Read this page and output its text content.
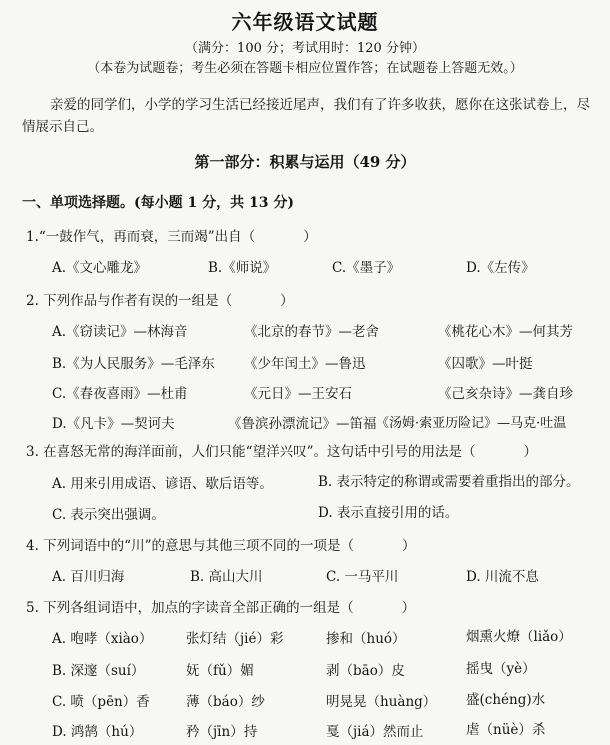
六年级语文试题
（满分：100 分；考试用时：120 分钟）
（本卷为试题卷；考生必须在答题卡相应位置作答；在试题卷上答题无效。）
亲爱的同学们，小学的学习生活已经接近尾声，我们有了许多收获，愿你在这张试卷上，尽情展示自己。
第一部分：积累与运用（49 分）
一、单项选择题。(每小题 1 分，共 13 分)
1.“一鼓作气，再而衰，三而竭”出自（	）
A.《文心雕龙》	B.《师说》	C.《墨子》	D.《左传》
2. 下列作品与作者有误的一组是（	）
A.《窃读记》—林海音	《北京的春节》—老舍	《桃花心木》—何其芳
B.《为人民服务》—毛泽东 《少年闰土》—鲁迅	《囚歌》—叶挺
C.《春夜喜雨》—杜甫	《元日》—王安石	《己亥杂诗》—龚自珍
D.《凡卡》—契诃夫	《鲁滨孙漂流记》—笛福 《汤姆·索亚历险记》—马克·吐温
3. 在喜怒无常的海洋面前，人们只能“望洋兴叹”。这句话中引号的用法是（	）
A. 用来引用成语、谚语、歇后语等。	B. 表示特定的称谓或需要着重指出的部分。
C. 表示突出强调。	D. 表示直接引用的话。
4. 下列词语中的“川”的意思与其他三项不同的一项是（	）
A. 百川归海	B. 高山大川	C. 一马平川	D. 川流不息
5. 下列各组词语中，加点的字读音全部正确的一组是（	）
A. 咆哮（xiào） 张灯结（jié）彩	掺和（huó）	烟熏火燎（liǎo）
B. 深邃（suí）	妩（fǔ）媚	剥（bāo）皮	摇曳（yè）
C. 喷（pēn）香	薄（báo）纱	明晃晃（huàng） 盛(chéng)水
D. 鸿鹄（hú）	矜（jīn）持	戛（jiá）然而止	虐（nüè）杀
